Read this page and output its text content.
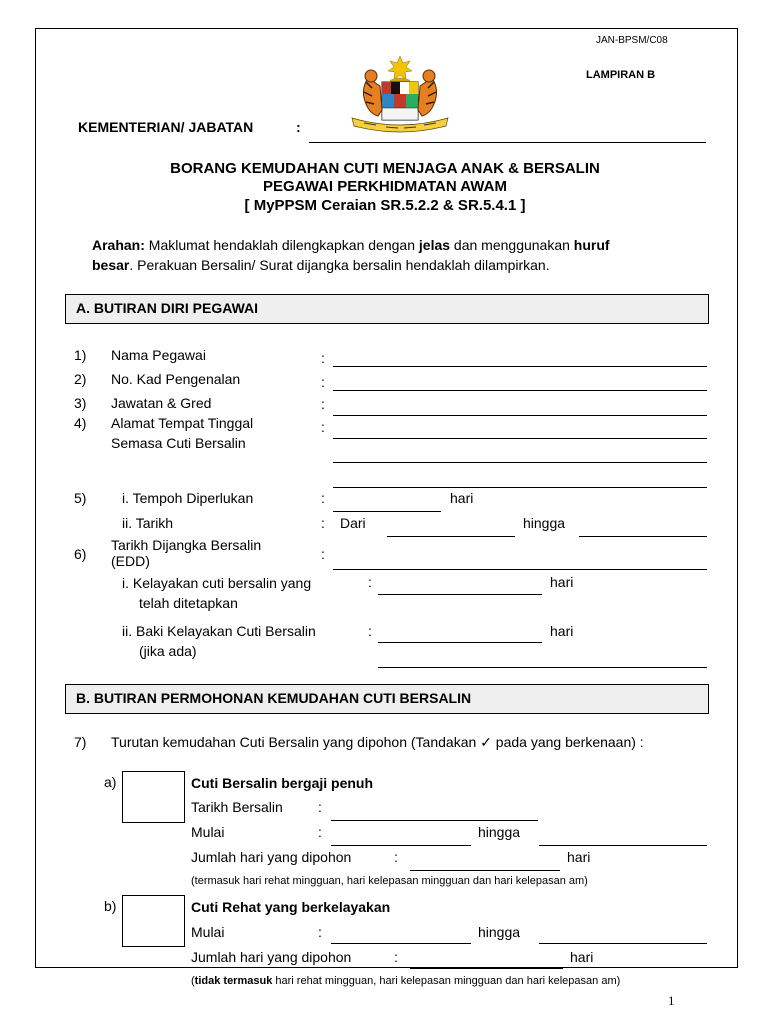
JAN-BPSM/C08
LAMPIRAN B
KEMENTERIAN/ JABATAN	:
BORANG KEMUDAHAN CUTI MENJAGA ANAK & BERSALIN
PEGAWAI PERKHIDMATAN AWAM
[ MyPPSM Ceraian SR.5.2.2 & SR.5.4.1 ]
Arahan: Maklumat hendaklah dilengkapkan dengan jelas dan menggunakan huruf
besar. Perakuan Bersalin/ Surat dijangka bersalin hendaklah dilampirkan.
A. BUTIRAN DIRI PEGAWAI
1) Nama Pegawai	:
2) No. Kad Pengenalan	:
3) Jawatan & Gred	:
4) Alamat Tempat Tinggal
Semasa Cuti Bersalin
:
5)	i. Tempoh Diperlukan	:	hari
ii. Tarikh	: Dari	hingga
6)
Tarikh Dijangka Bersalin
(EDD)	:
i. Kelayakan cuti bersalin yang
telah ditetapkan
:	hari
ii. Baki Kelayakan Cuti Bersalin
(jika ada)
:	hari
B. BUTIRAN PERMOHONAN KEMUDAHAN CUTI BERSALIN
7) Turutan kemudahan Cuti Bersalin yang dipohon (Tandakan ✓ pada yang berkenaan) :
a)	Cuti Bersalin bergaji penuh
Tarikh Bersalin	:
Mulai	:	hingga
Jumlah hari yang dipohon	:	hari
(termasuk hari rehat mingguan, hari kelepasan mingguan dan hari kelepasan am)
b)	Cuti Rehat yang berkelayakan
Mulai	:	hingga
Jumlah hari yang dipohon	:	hari
(tidak termasuk hari rehat mingguan, hari kelepasan mingguan dan hari kelepasan am)
1
